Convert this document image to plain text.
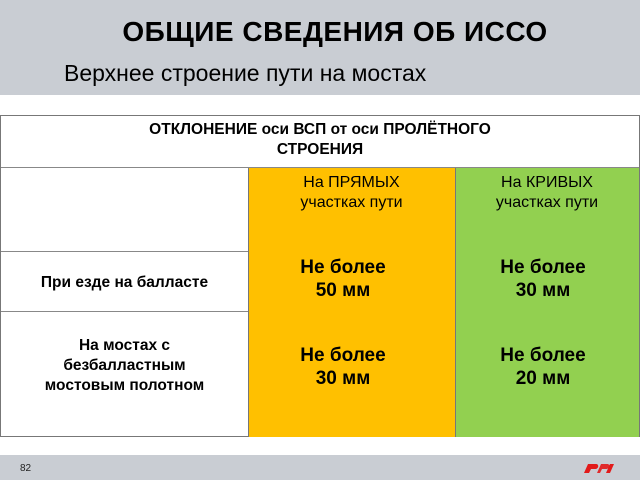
ОБЩИЕ СВЕДЕНИЯ ОБ ИССО
Верхнее строение пути на мостах
ОТКЛОНЕНИЕ оси ВСП от оси ПРОЛЁТНОГО
СТРОЕНИЯ
На ПРЯМЫХ
участках пути
На КРИВЫХ
участках пути
При езде на балласте
Не более
50 мм
Не более
30 мм
На мостах с
безбалластным
мостовым полотном
Не более
30 мм
Не более
20 мм
82
